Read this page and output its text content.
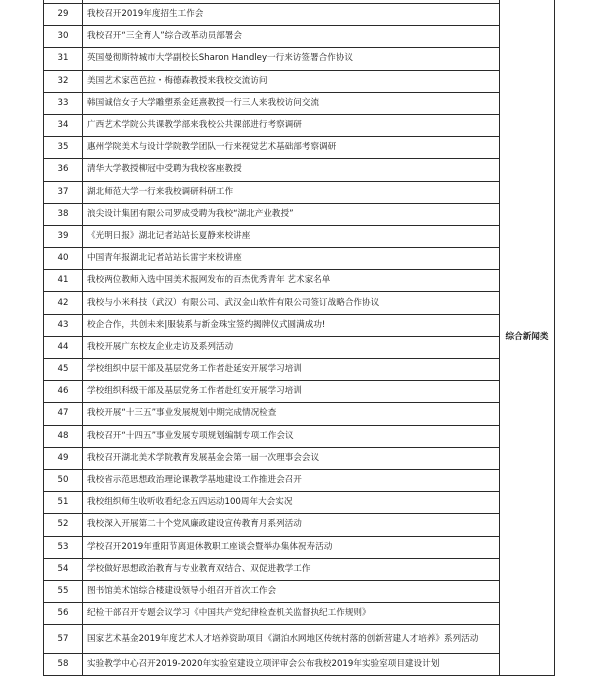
		综合新闻类
29	我校召开2019年度招生工作会	
30	我校召开“三全育人”综合改革动员部署会	
31	英国曼彻斯特城市大学副校长Sharon Handley一行来访签署合作协议	
32	美国艺术家芭芭拉・梅德森教授来我校交流访问	
33	韩国诚信女子大学雕塑系金廷熹教授一行三人来我校访问交流	
34	广西艺术学院公共课教学部来我校公共课部进行考察调研	
35	惠州学院美术与设计学院教学团队一行来视觉艺术基础部考察调研	
36	清华大学教授柳冠中受聘为我校客座教授	
37	湖北师范大学一行来我校调研科研工作	
38	浪尖设计集团有限公司罗成受聘为我校“湖北产业教授”	
39	《光明日报》湖北记者站站长夏静来校讲座	
40	中国青年报湖北记者站站长雷宇来校讲座	
41	我校两位教师入选中国美术报网发布的百杰优秀青年 艺术家名单	
42	我校与小米科技（武汉）有限公司、武汉金山软件有限公司签订战略合作协议	
43	校企合作，共创未来|服装系与新金珠宝签约揭牌仪式圆满成功!	
44	我校开展广东校友企业走访及系列活动	
45	学校组织中层干部及基层党务工作者赴延安开展学习培训	
46	学校组织科级干部及基层党务工作者赴红安开展学习培训	
47	我校开展“十三五”事业发展规划中期完成情况检查	
48	我校召开“十四五”事业发展专项规划编制专项工作会议	
49	我校召开湖北美术学院教育发展基金会第一届一次理事会会议	
50	我校省示范思想政治理论课教学基地建设工作推进会召开	
51	我校组织师生收听收看纪念五四运动100周年大会实况	
52	我校深入开展第二十个党风廉政建设宣传教育月系列活动	
53	学校召开2019年重阳节离退休教职工座谈会暨举办集体祝寿活动	
54	学校做好思想政治教育与专业教育双结合、双促进教学工作	
55	图书馆美术馆综合楼建设领导小组召开首次工作会	
56	纪检干部召开专题会议学习《中国共产党纪律检查机关监督执纪工作规则》	
57	国家艺术基金2019年度艺术人才培养资助项目《湖泊水网地区传统村落的创新营建人才培养》系列活动	
58	实验教学中心召开2019-2020年实验室建设立项评审会公布我校2019年实验室项目建设计划	
